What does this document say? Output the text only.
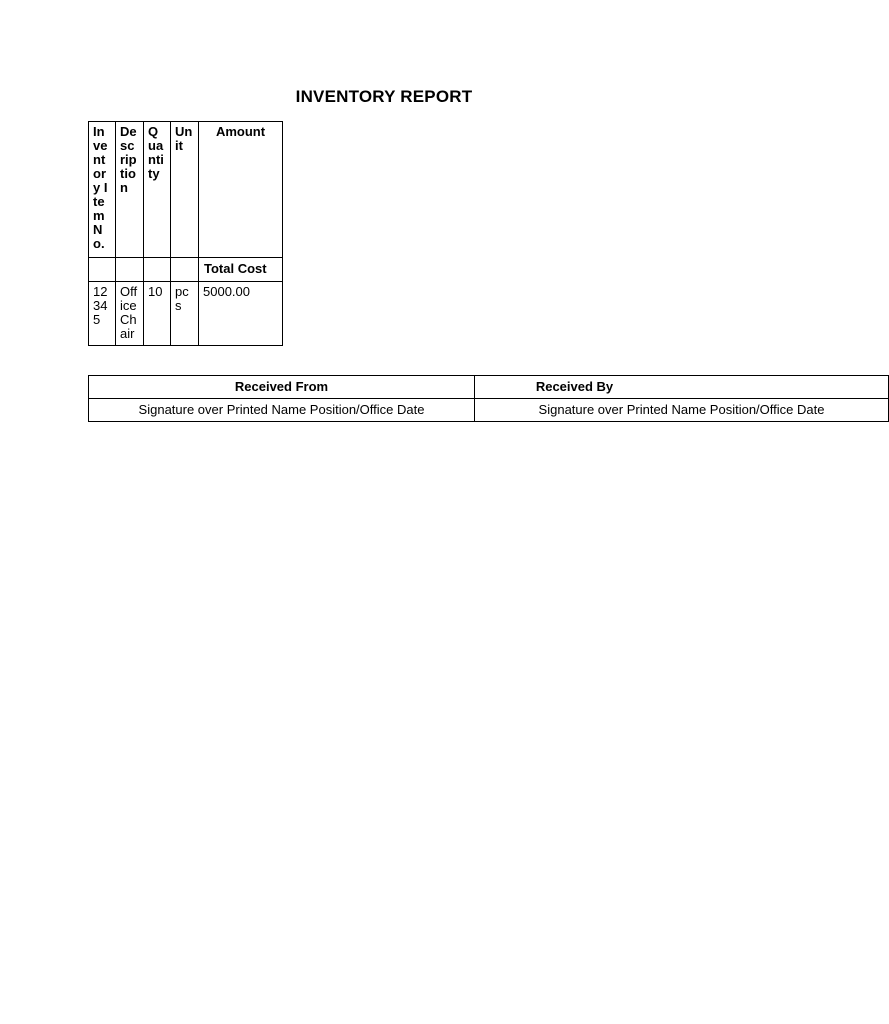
INVENTORY REPORT
Inventory Item No.	Description	Quantity	Unit	Amount
				Total Cost
12345	Office Chair	10	pcs	5000.00
Received From	Received By
Signature over Printed Name Position/Office Date	Signature over Printed Name Position/Office Date
